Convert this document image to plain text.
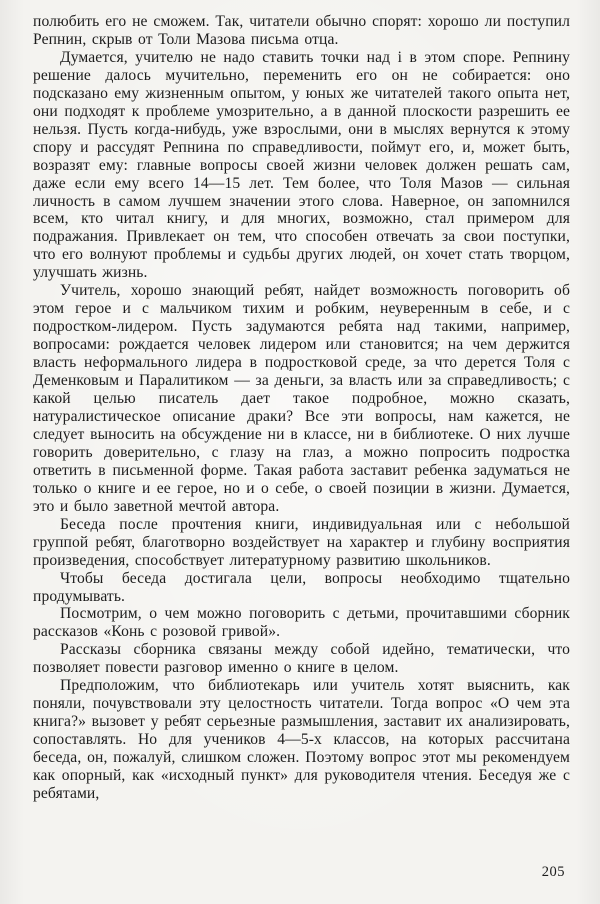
полюбить его не сможем. Так, читатели обычно спорят: хорошо ли поступил Репнин, скрыв от Толи Мазова письма отца.

Думается, учителю не надо ставить точки над i в этом споре. Репнину решение далось мучительно, переменить его он не собирается: оно подсказано ему жизненным опытом, у юных же читателей такого опыта нет, они подходят к проблеме умозрительно, а в данной плоскости разрешить ее нельзя. Пусть когда-нибудь, уже взрослыми, они в мыслях вернутся к этому спору и рассудят Репнина по справедливости, поймут его, и, может быть, возразят ему: главные вопросы своей жизни человек должен решать сам, даже если ему всего 14—15 лет. Тем более, что Толя Мазов — сильная личность в самом лучшем значении этого слова. Наверное, он запомнился всем, кто читал книгу, и для многих, возможно, стал примером для подражания. Привлекает он тем, что способен отвечать за свои поступки, что его волнуют проблемы и судьбы других людей, он хочет стать творцом, улучшать жизнь.

Учитель, хорошо знающий ребят, найдет возможность поговорить об этом герое и с мальчиком тихим и робким, неуверенным в себе, и с подростком-лидером. Пусть задумаются ребята над такими, например, вопросами: рождается человек лидером или становится; на чем держится власть неформального лидера в подростковой среде, за что дерется Толя с Деменковым и Паралитиком — за деньги, за власть или за справедливость; с какой целью писатель дает такое подробное, можно сказать, натуралистическое описание драки? Все эти вопросы, нам кажется, не следует выносить на обсуждение ни в классе, ни в библиотеке. О них лучше говорить доверительно, с глазу на глаз, а можно попросить подростка ответить в письменной форме. Такая работа заставит ребенка задуматься не только о книге и ее герое, но и о себе, о своей позиции в жизни. Думается, это и было заветной мечтой автора.

Беседа после прочтения книги, индивидуальная или с небольшой группой ребят, благотворно воздействует на характер и глубину восприятия произведения, способствует литературному развитию школьников.

Чтобы беседа достигала цели, вопросы необходимо тщательно продумывать.

Посмотрим, о чем можно поговорить с детьми, прочитавшими сборник рассказов «Конь с розовой гривой».

Рассказы сборника связаны между собой идейно, тематически, что позволяет повести разговор именно о книге в целом.

Предположим, что библиотекарь или учитель хотят выяснить, как поняли, почувствовали эту целостность читатели. Тогда вопрос «О чем эта книга?» вызовет у ребят серьезные размышления, заставит их анализировать, сопоставлять. Но для учеников 4—5-х классов, на которых рассчитана беседа, он, пожалуй, слишком сложен. Поэтому вопрос этот мы рекомендуем как опорный, как «исходный пункт» для руководителя чтения. Беседуя же с ребятами,

205
